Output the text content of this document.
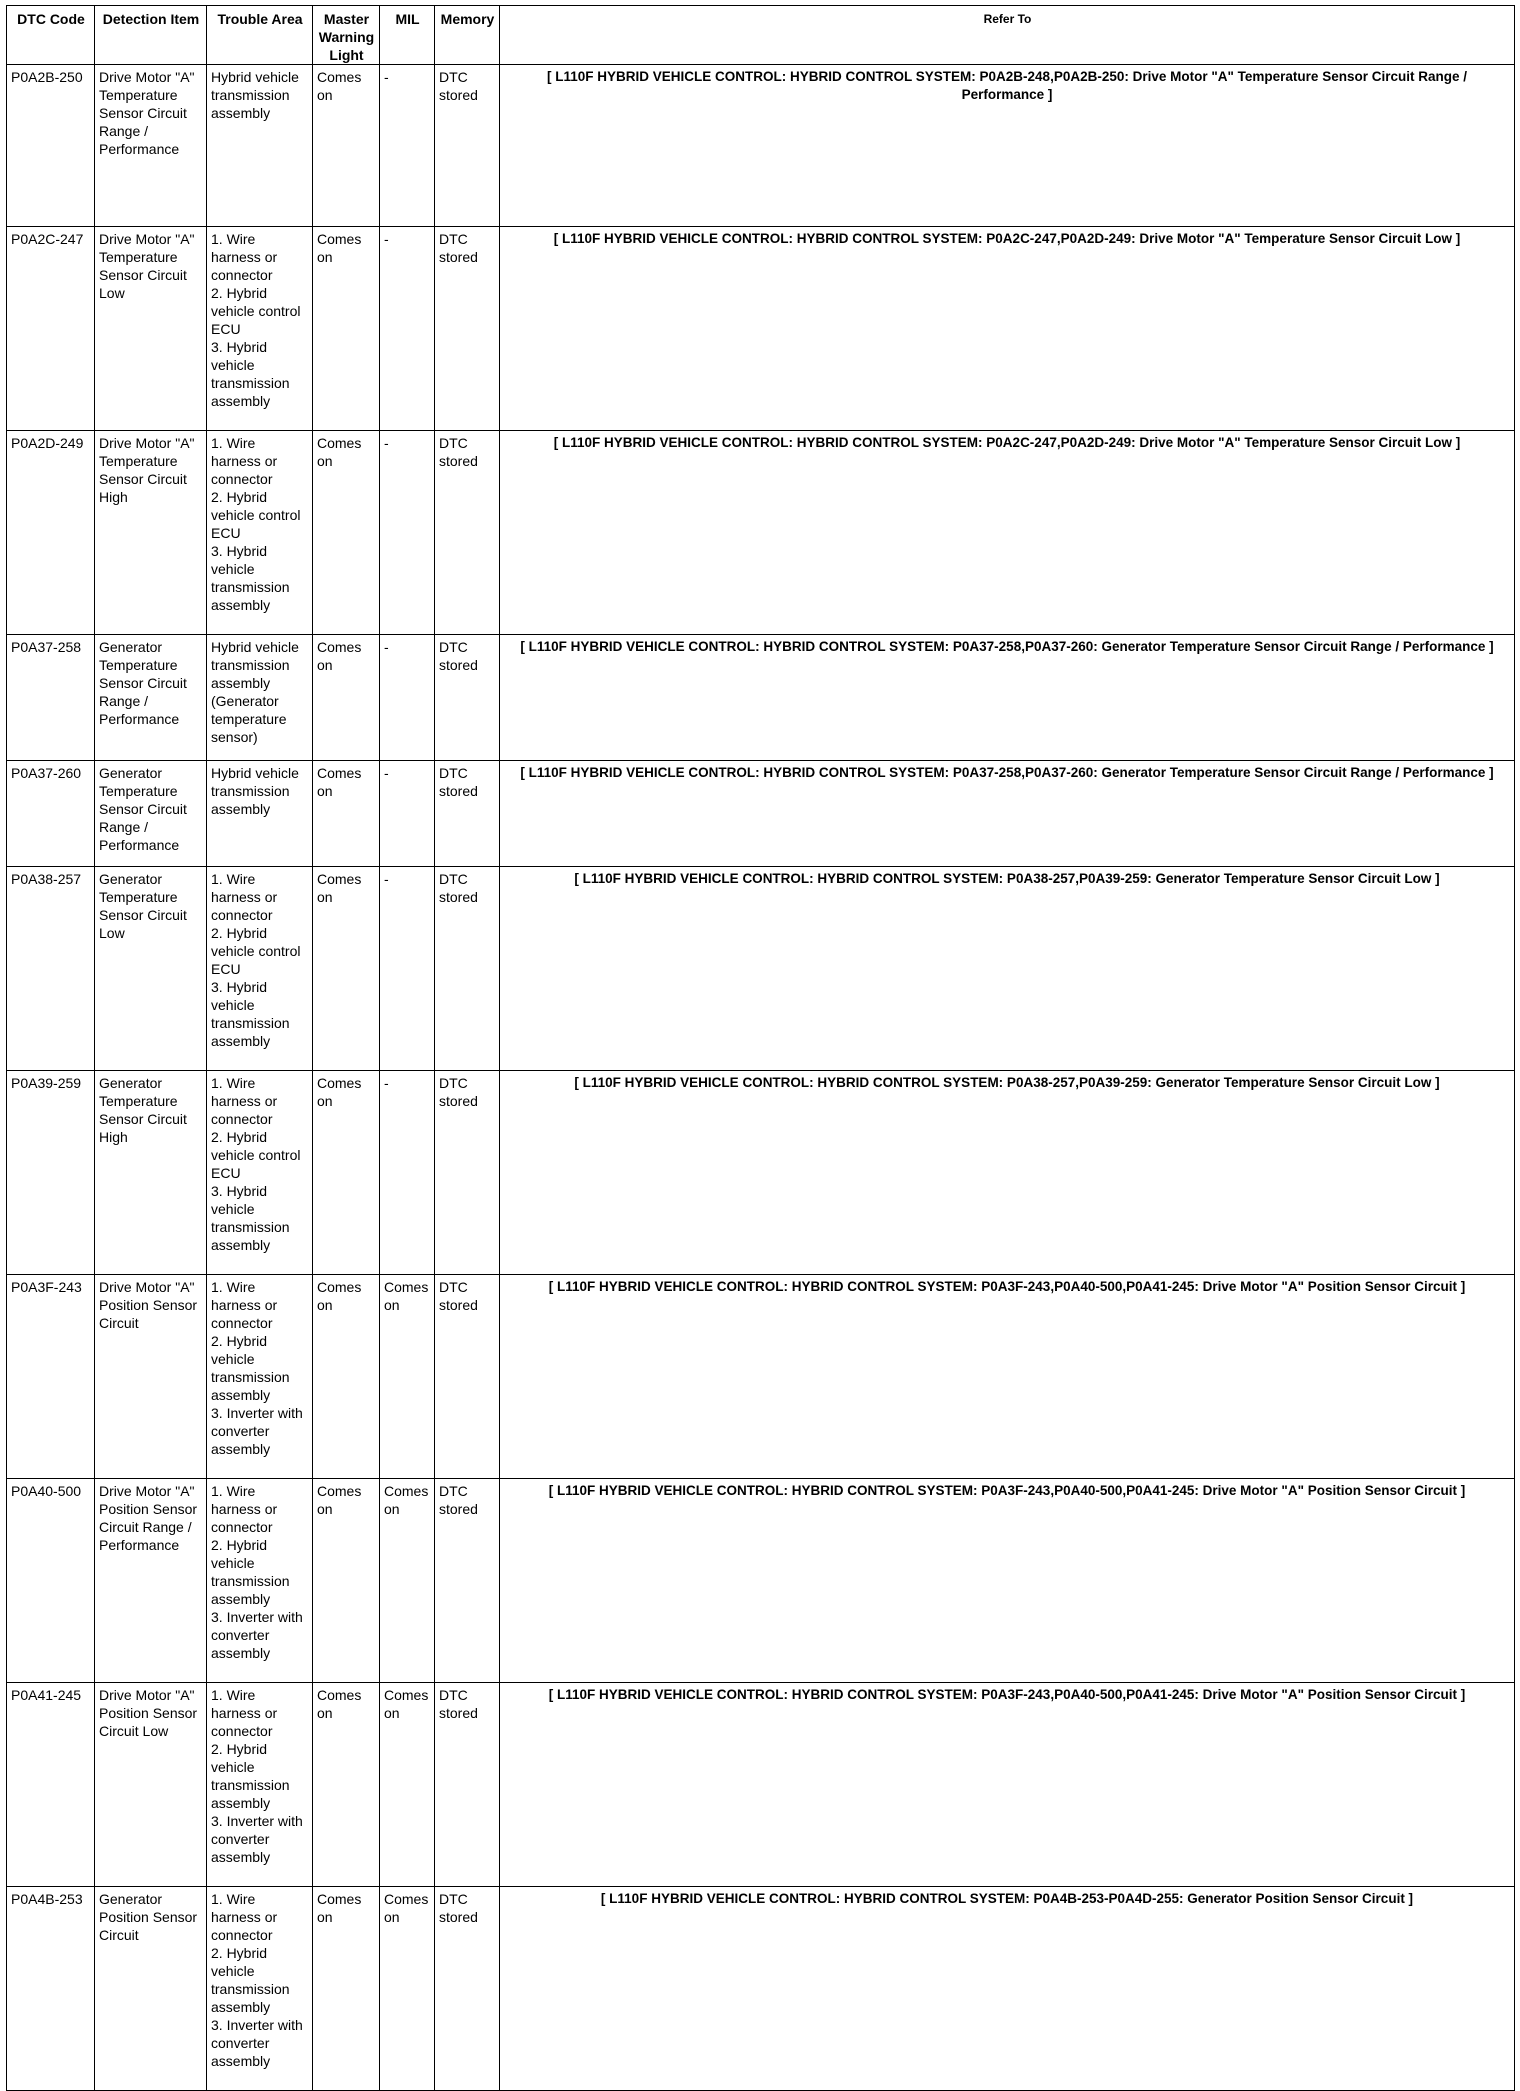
DTC Code	Detection Item	Trouble Area	Master Warning Light	MIL	Memory	Refer To
P0A2B-250	Drive Motor "A" Temperature Sensor Circuit Range / Performance	Hybrid vehicle transmission assembly	Comes on	-	DTC stored	[ L110F HYBRID VEHICLE CONTROL: HYBRID CONTROL SYSTEM: P0A2B-248,P0A2B-250: Drive Motor "A" Temperature Sensor Circuit Range / Performance ]
P0A2C-247	Drive Motor "A" Temperature Sensor Circuit Low	1. Wire harness or connector
2. Hybrid vehicle control ECU
3. Hybrid vehicle transmission assembly	Comes on	-	DTC stored	[ L110F HYBRID VEHICLE CONTROL: HYBRID CONTROL SYSTEM: P0A2C-247,P0A2D-249: Drive Motor "A" Temperature Sensor Circuit Low ]
P0A2D-249	Drive Motor "A" Temperature Sensor Circuit High	1. Wire harness or connector
2. Hybrid vehicle control ECU
3. Hybrid vehicle transmission assembly	Comes on	-	DTC stored	[ L110F HYBRID VEHICLE CONTROL: HYBRID CONTROL SYSTEM: P0A2C-247,P0A2D-249: Drive Motor "A" Temperature Sensor Circuit Low ]
P0A37-258	Generator Temperature Sensor Circuit Range / Performance	Hybrid vehicle transmission assembly (Generator temperature sensor)	Comes on	-	DTC stored	[ L110F HYBRID VEHICLE CONTROL: HYBRID CONTROL SYSTEM: P0A37-258,P0A37-260: Generator Temperature Sensor Circuit Range / Performance ]
P0A37-260	Generator Temperature Sensor Circuit Range / Performance	Hybrid vehicle transmission assembly	Comes on	-	DTC stored	[ L110F HYBRID VEHICLE CONTROL: HYBRID CONTROL SYSTEM: P0A37-258,P0A37-260: Generator Temperature Sensor Circuit Range / Performance ]
P0A38-257	Generator Temperature Sensor Circuit Low	1. Wire harness or connector
2. Hybrid vehicle control ECU
3. Hybrid vehicle transmission assembly	Comes on	-	DTC stored	[ L110F HYBRID VEHICLE CONTROL: HYBRID CONTROL SYSTEM: P0A38-257,P0A39-259: Generator Temperature Sensor Circuit Low ]
P0A39-259	Generator Temperature Sensor Circuit High	1. Wire harness or connector
2. Hybrid vehicle control ECU
3. Hybrid vehicle transmission assembly	Comes on	-	DTC stored	[ L110F HYBRID VEHICLE CONTROL: HYBRID CONTROL SYSTEM: P0A38-257,P0A39-259: Generator Temperature Sensor Circuit Low ]
P0A3F-243	Drive Motor "A" Position Sensor Circuit	1. Wire harness or connector
2. Hybrid vehicle transmission assembly
3. Inverter with converter assembly	Comes on	Comes on	DTC stored	[ L110F HYBRID VEHICLE CONTROL: HYBRID CONTROL SYSTEM: P0A3F-243,P0A40-500,P0A41-245: Drive Motor "A" Position Sensor Circuit ]
P0A40-500	Drive Motor "A" Position Sensor Circuit Range / Performance	1. Wire harness or connector
2. Hybrid vehicle transmission assembly
3. Inverter with converter assembly	Comes on	Comes on	DTC stored	[ L110F HYBRID VEHICLE CONTROL: HYBRID CONTROL SYSTEM: P0A3F-243,P0A40-500,P0A41-245: Drive Motor "A" Position Sensor Circuit ]
P0A41-245	Drive Motor "A" Position Sensor Circuit Low	1. Wire harness or connector
2. Hybrid vehicle transmission assembly
3. Inverter with converter assembly	Comes on	Comes on	DTC stored	[ L110F HYBRID VEHICLE CONTROL: HYBRID CONTROL SYSTEM: P0A3F-243,P0A40-500,P0A41-245: Drive Motor "A" Position Sensor Circuit ]
P0A4B-253	Generator Position Sensor Circuit	1. Wire harness or connector
2. Hybrid vehicle transmission assembly
3. Inverter with converter assembly	Comes on	Comes on	DTC stored	[ L110F HYBRID VEHICLE CONTROL: HYBRID CONTROL SYSTEM: P0A4B-253-P0A4D-255: Generator Position Sensor Circuit ]
